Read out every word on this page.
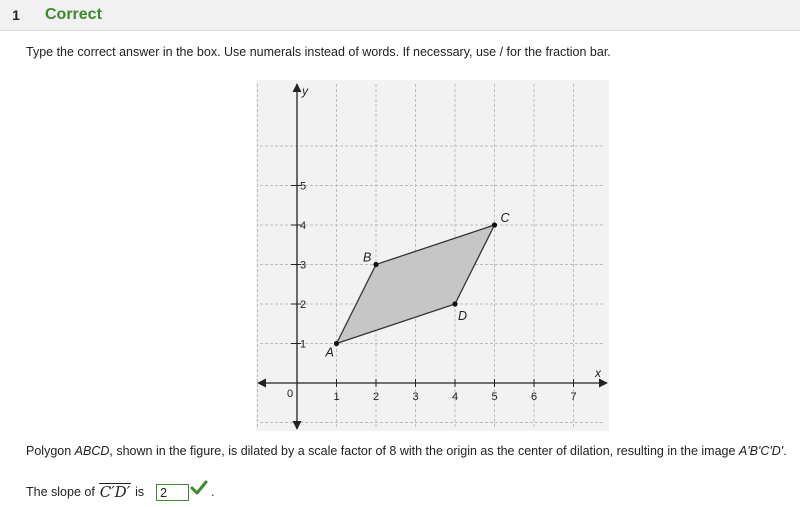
1	Correct
Type the correct answer in the box. Use numerals instead of words. If necessary, use / for the fraction bar.
x
y
0	1	2	3	4	5	6	7
1
2
3
4
5
A
B
C
D
Polygon ABCD, shown in the figure, is dilated by a scale factor of 8 with the origin as the center of dilation, resulting in the image A'B'C'D'.
The slope of C′D′ is	2	.
